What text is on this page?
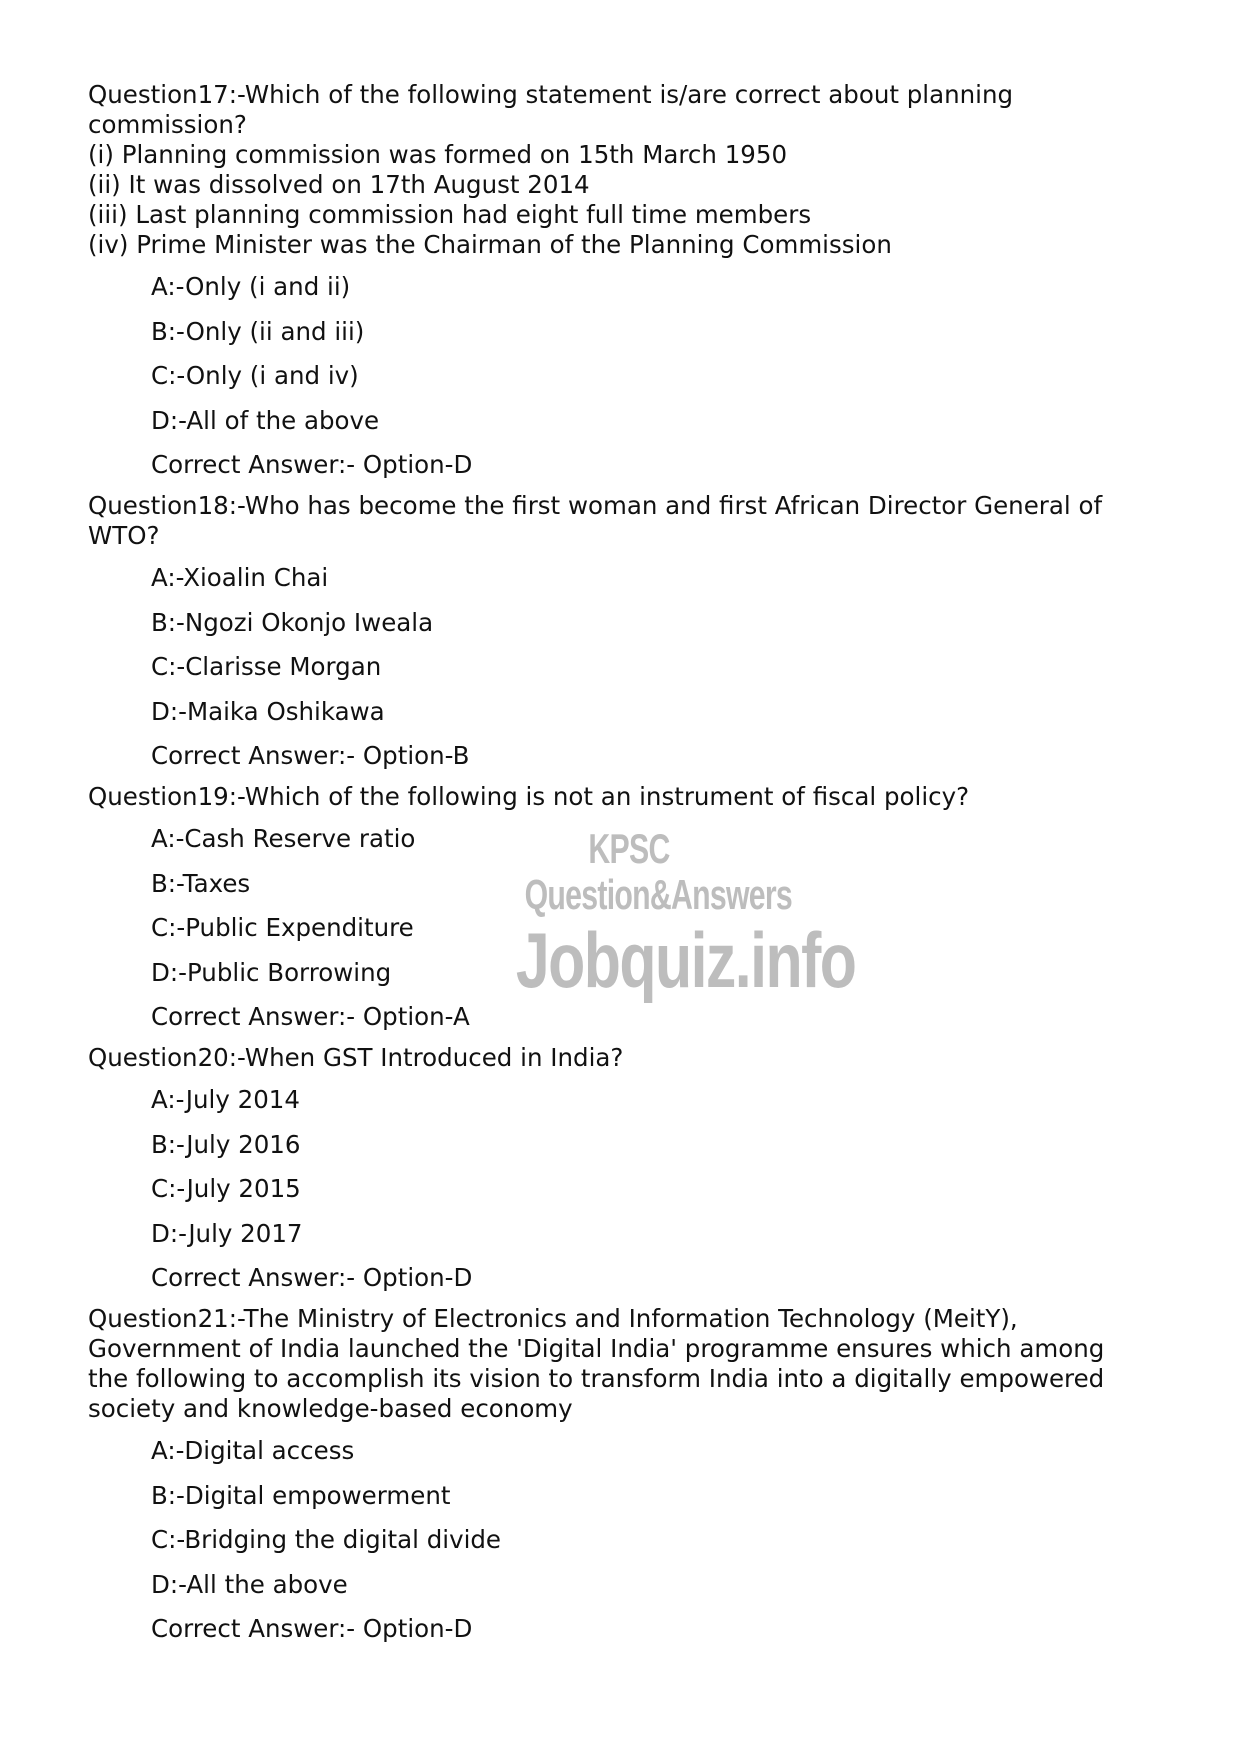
Question17:-Which of the following statement is/are correct about planning
commission?
(i) Planning commission was formed on 15th March 1950
(ii) It was dissolved on 17th August 2014
(iii) Last planning commission had eight full time members
(iv) Prime Minister was the Chairman of the Planning Commission

A:-Only (i and ii)

B:-Only (ii and iii)

C:-Only (i and iv)

D:-All of the above

Correct Answer:- Option-D

Question18:-Who has become the first woman and first African Director General of
WTO?

A:-Xioalin Chai

B:-Ngozi Okonjo Iweala

C:-Clarisse Morgan

D:-Maika Oshikawa

Correct Answer:- Option-B

Question19:-Which of the following is not an instrument of fiscal policy?

A:-Cash Reserve ratio

B:-Taxes

C:-Public Expenditure

D:-Public Borrowing

Correct Answer:- Option-A

Question20:-When GST Introduced in India?

A:-July 2014

B:-July 2016

C:-July 2015

D:-July 2017

Correct Answer:- Option-D

Question21:-The Ministry of Electronics and Information Technology (MeitY),
Government of India launched the 'Digital India' programme ensures which among
the following to accomplish its vision to transform India into a digitally empowered
society and knowledge-based economy

A:-Digital access

B:-Digital empowerment

C:-Bridging the digital divide

D:-All the above

Correct Answer:- Option-D

KPSC Question&Answers
Jobquiz.info
